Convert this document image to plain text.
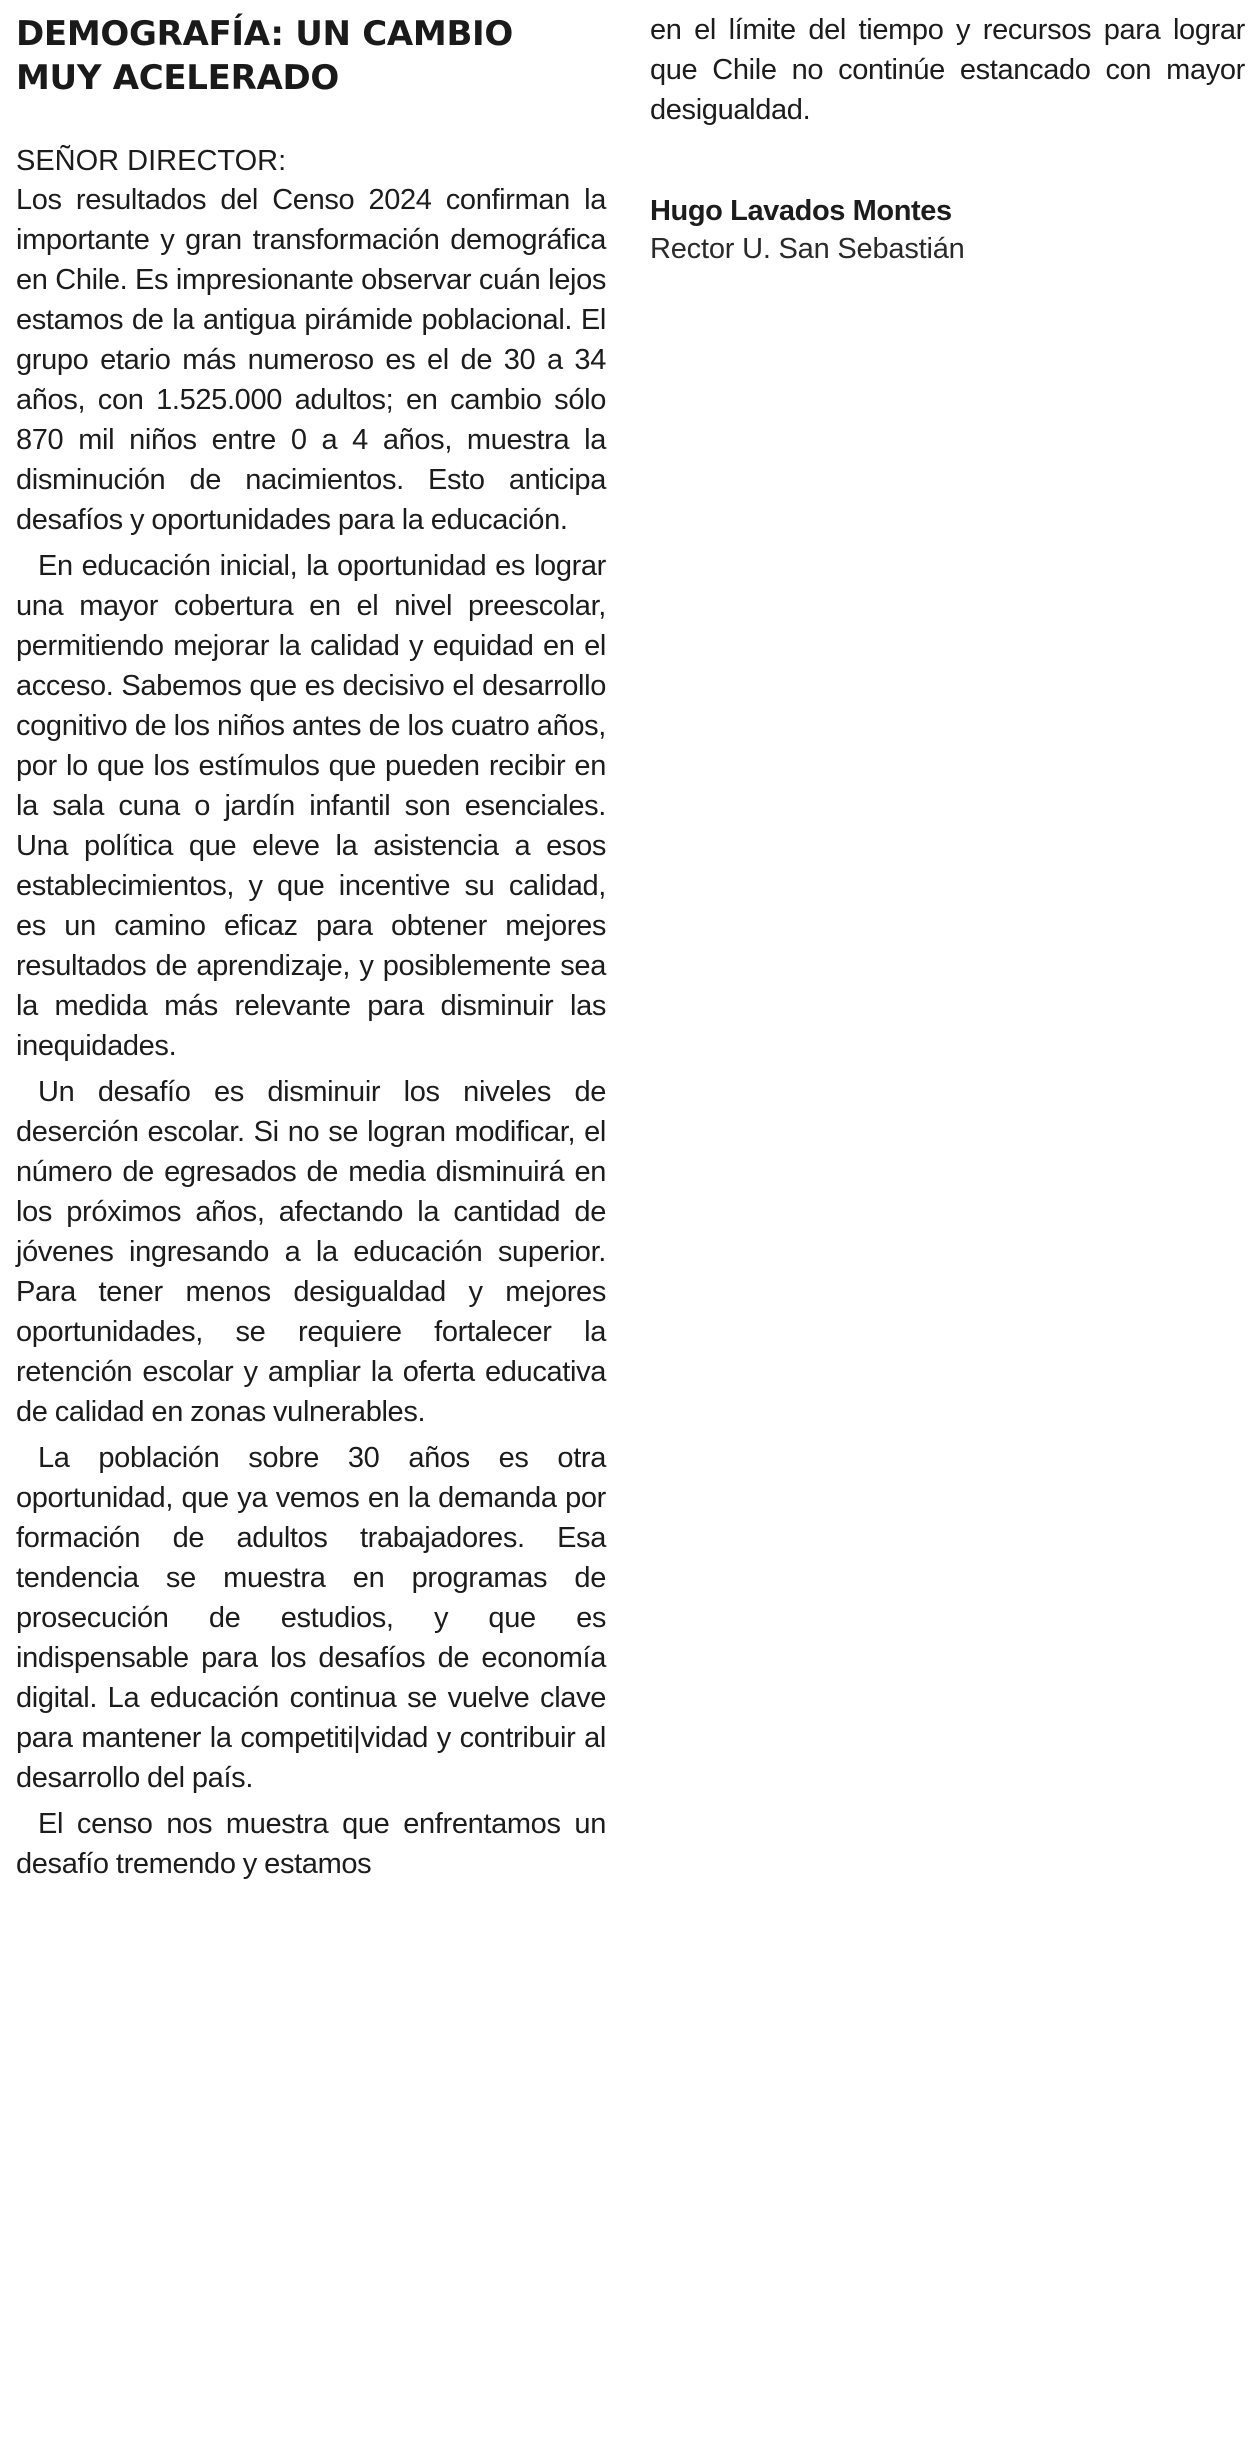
DEMOGRAFÍA: UN CAMBIO
MUY ACELERADO

SEÑOR DIRECTOR:

Los resultados del Censo 2024 confirman la importante y gran transformación demográfica en Chile. Es impresionante observar cuán lejos estamos de la antigua pirámide poblacional. El grupo etario más numeroso es el de 30 a 34 años, con 1.525.000 adultos; en cambio sólo 870 mil niños entre 0 a 4 años, muestra la disminución de nacimientos. Esto anticipa desafíos y oportunidades para la educación.

En educación inicial, la oportunidad es lograr una mayor cobertura en el nivel preescolar, permitiendo mejorar la calidad y equidad en el acceso. Sabemos que es decisivo el desarrollo cognitivo de los niños antes de los cuatro años, por lo que los estímulos que pueden recibir en la sala cuna o jardín infantil son esenciales. Una política que eleve la asistencia a esos establecimientos, y que incentive su calidad, es un camino eficaz para obtener mejores resultados de aprendizaje, y posiblemente sea la medida más relevante para disminuir las inequidades.

Un desafío es disminuir los niveles de deserción escolar. Si no se logran modificar, el número de egresados de media disminuirá en los próximos años, afectando la cantidad de jóvenes ingresando a la educación superior. Para tener menos desigualdad y mejores oportunidades, se requiere fortalecer la retención escolar y ampliar la oferta educativa de calidad en zonas vulnerables.

La población sobre 30 años es otra oportunidad, que ya vemos en la demanda por formación de adultos trabajadores. Esa tendencia se muestra en programas de prosecución de estudios, y que es indispensable para los desafíos de economía digital. La educación continua se vuelve clave para mantener la competiti|vidad y contribuir al desarrollo del país.

El censo nos muestra que enfrentamos un desafío tremendo y estamos

en el límite del tiempo y recursos para lograr que Chile no continúe estancado con mayor desigualdad.

Hugo Lavados Montes

Rector U. San Sebastián
